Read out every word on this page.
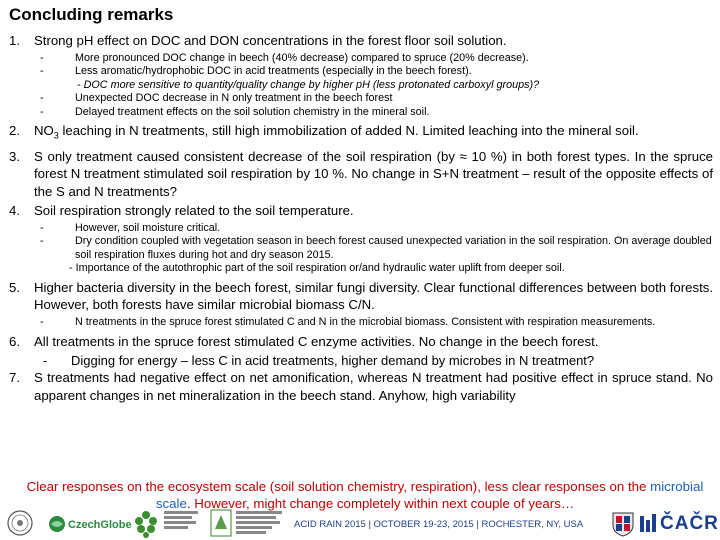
Concluding remarks
1.	Strong pH effect on DOC and DON concentrations in the forest floor soil solution.
-	More pronounced DOC change in beech (40% decrease) compared to spruce (20% decrease).
-	Less aromatic/hydrophobic DOC in acid treatments (especially in the beech forest).
- DOC more sensitive to quantity/quality change by higher pH (less protonated carboxyl groups)?
-	Unexpected DOC decrease in N only treatment in the beech forest
-	Delayed treatment effects on the soil solution chemistry in the mineral soil.
2.	$NO_3$ leaching in N treatments, still high immobilization of added N. Limited leaching into the mineral soil.
3.	S only treatment caused consistent decrease of the soil respiration (by ≈ 10 %) in both forest types. In the spruce forest N treatment stimulated soil respiration by 10 %. No change in S+N treatment – result of the opposite effects of the S and N treatments?
4.	Soil respiration strongly related to the soil temperature.
-	However, soil moisture critical.
-	Dry condition coupled with vegetation season in beech forest caused unexpected variation in the soil respiration. On average doubled soil respiration fluxes during hot and dry season 2015.
- Importance of the autothrophic part of the soil respiration or/and hydraulic water uplift from deeper soil.
5.	Higher bacteria diversity in the beech forest, similar fungi diversity. Clear functional differences between both forests. However, both forests have similar microbial biomass C/N.
-	N treatments in the spruce forest stimulated C and N in the microbial biomass. Consistent with respiration measurements.
6.	All treatments in the spruce forest stimulated C enzyme activities. No change in the beech forest.
-	Digging for energy – less C in acid treatments, higher demand by microbes in N treatment?
7.	S treatments had negative effect on net amonification, whereas N treatment had positive effect in spruce stand. No apparent changes in net mineralization in the beech stand. Anyhow, high variability
Clear responses on the ecosystem scale (soil solution chemistry, respiration), less clear responses on the microbial scale. However, might change completely within next couple of years…
CzechGlobe	ACID RAIN 2015 | OCTOBER 19-23, 2015 | ROCHESTER, NY, USA	ČAČR
